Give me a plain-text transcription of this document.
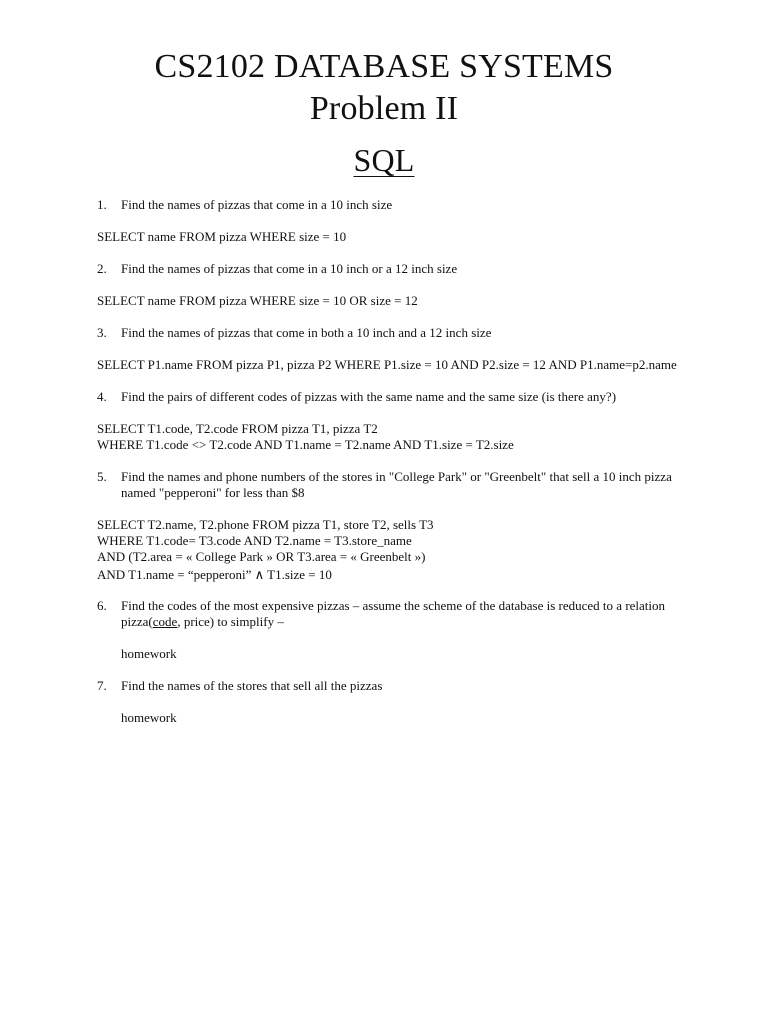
CS2102 DATABASE SYSTEMS
Problem II
SQL
1. Find the names of pizzas that come in a 10 inch size
SELECT name FROM pizza WHERE size = 10
2. Find the names of pizzas that come in a 10 inch or a 12 inch size
SELECT name FROM pizza WHERE size = 10 OR size = 12
3. Find the names of pizzas that come in both a 10 inch and a 12 inch size
SELECT P1.name FROM pizza P1, pizza P2 WHERE P1.size = 10 AND P2.size = 12 AND P1.name=p2.name
4. Find the pairs of different codes of pizzas with the same name and the same size (is there any?)
SELECT T1.code, T2.code FROM pizza T1, pizza T2
WHERE T1.code <> T2.code AND T1.name = T2.name AND T1.size = T2.size
5. Find the names and phone numbers of the stores in "College Park" or "Greenbelt" that sell a 10 inch pizza
named "pepperoni" for less than $8
SELECT T2.name, T2.phone FROM pizza T1, store T2, sells T3
WHERE T1.code= T3.code AND T2.name = T3.store_name
AND (T2.area = « College Park » OR T3.area = « Greenbelt »)
AND T1.name = “pepperoni” ∧ T1.size = 10
6. Find the codes of the most expensive pizzas – assume the scheme of the database is reduced to a relation
pizza(code, price) to simplify –
homework
7. Find the names of the stores that sell all the pizzas
homework
